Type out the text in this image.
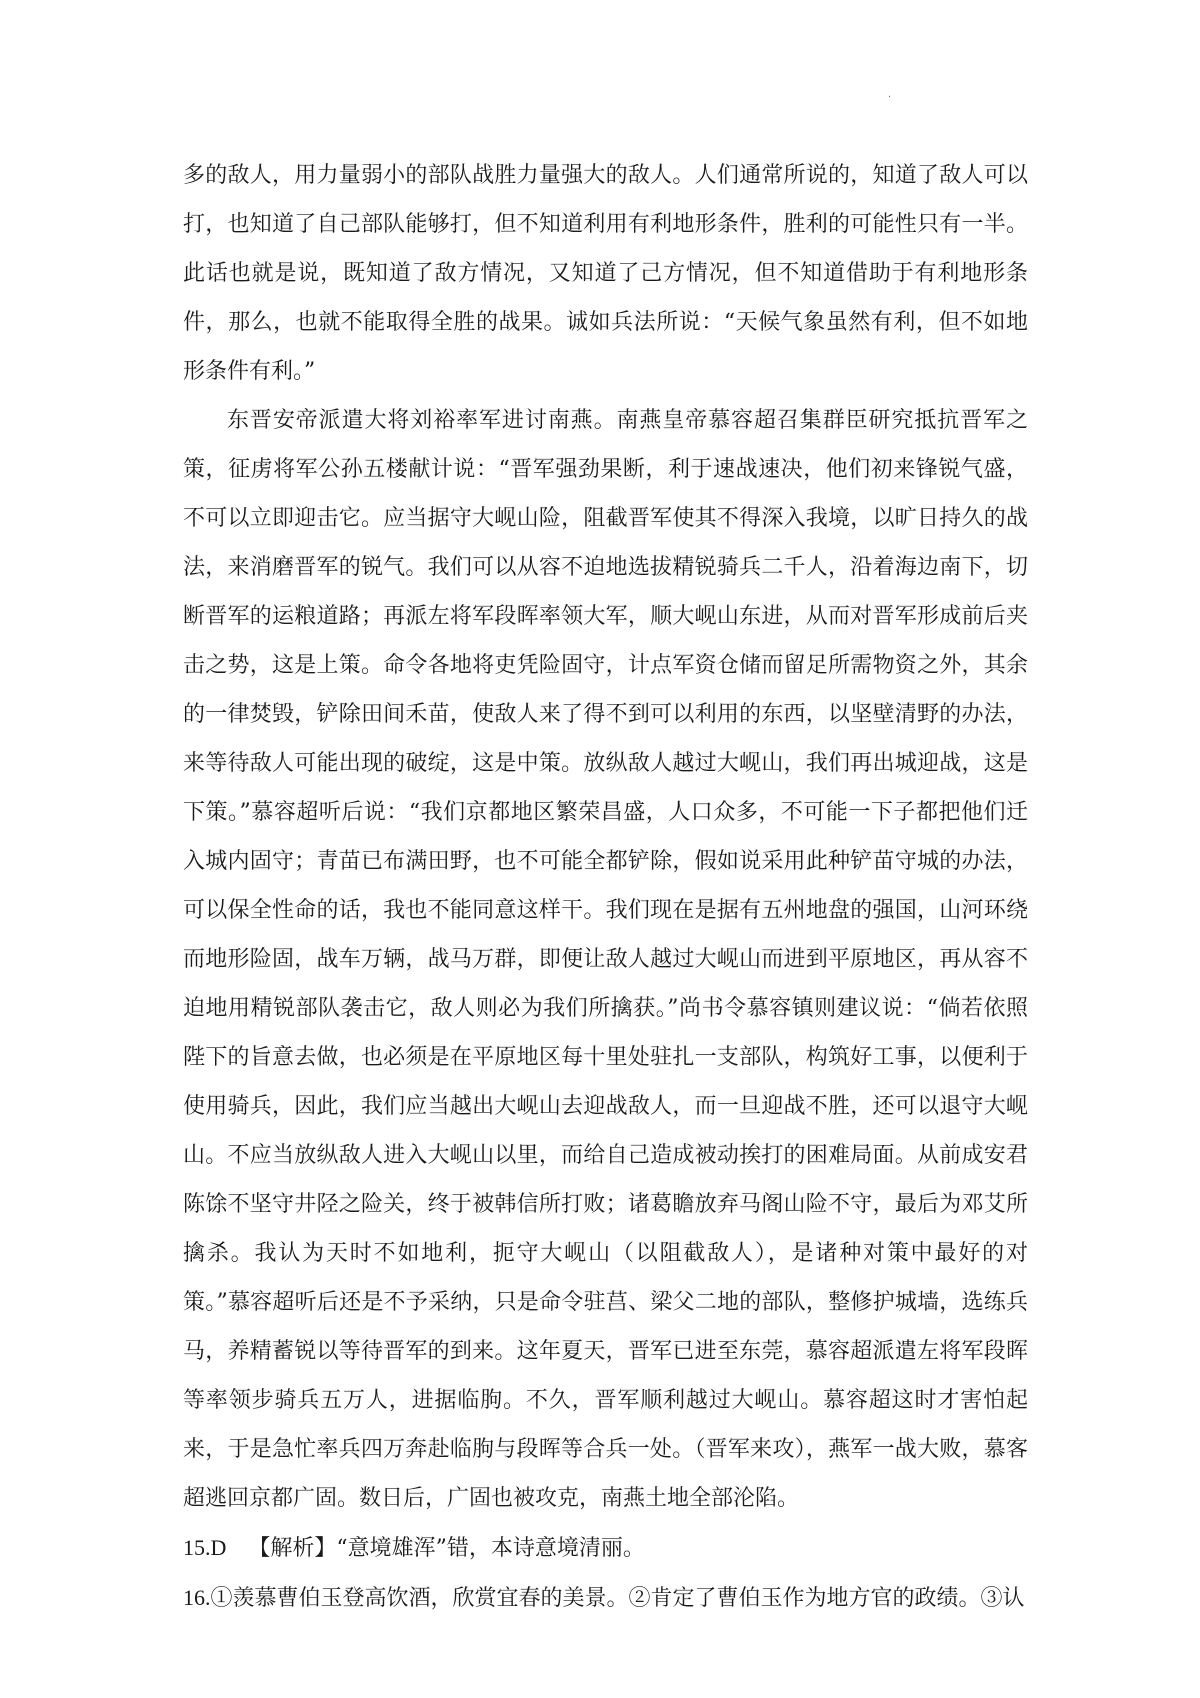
·

多的敌人，用力量弱小的部队战胜力量强大的敌人。人们通常所说的，知道了敌人可以打，也知道了自己部队能够打，但不知道利用有利地形条件，胜利的可能性只有一半。此话也就是说，既知道了敌方情况，又知道了己方情况，但不知道借助于有利地形条件，那么，也就不能取得全胜的战果。诚如兵法所说：“天候气象虽然有利，但不如地形条件有利。”

东晋安帝派遣大将刘裕率军进讨南燕。南燕皇帝慕容超召集群臣研究抵抗晋军之策，征虏将军公孙五楼献计说：“晋军强劲果断，利于速战速决，他们初来锋锐气盛，不可以立即迎击它。应当据守大岘山险，阻截晋军使其不得深入我境，以旷日持久的战法，来消磨晋军的锐气。我们可以从容不迫地选拔精锐骑兵二千人，沿着海边南下，切断晋军的运粮道路；再派左将军段晖率领大军，顺大岘山东进，从而对晋军形成前后夹击之势，这是上策。命令各地将吏凭险固守，计点军资仓储而留足所需物资之外，其余的一律焚毁，铲除田间禾苗，使敌人来了得不到可以利用的东西，以坚壁清野的办法，来等待敌人可能出现的破绽，这是中策。放纵敌人越过大岘山，我们再出城迎战，这是下策。”慕容超听后说：“我们京都地区繁荣昌盛，人口众多，不可能一下子都把他们迁入城内固守；青苗已布满田野，也不可能全都铲除，假如说采用此种铲苗守城的办法，可以保全性命的话，我也不能同意这样干。我们现在是据有五州地盘的强国，山河环绕而地形险固，战车万辆，战马万群，即便让敌人越过大岘山而进到平原地区，再从容不迫地用精锐部队袭击它，敌人则必为我们所擒获。”尚书令慕容镇则建议说：“倘若依照陛下的旨意去做，也必须是在平原地区每十里处驻扎一支部队，构筑好工事，以便利于使用骑兵，因此，我们应当越出大岘山去迎战敌人，而一旦迎战不胜，还可以退守大岘山。不应当放纵敌人进入大岘山以里，而给自己造成被动挨打的困难局面。从前成安君陈馀不坚守井陉之险关，终于被韩信所打败；诸葛瞻放弃马阁山险不守，最后为邓艾所擒杀。我认为天时不如地利，扼守大岘山（以阻截敌人），是诸种对策中最好的对策。”慕容超听后还是不予采纳，只是命令驻莒、梁父二地的部队，整修护城墙，选练兵马，养精蓄锐以等待晋军的到来。这年夏天，晋军已进至东莞，慕容超派遣左将军段晖等率领步骑兵五万人，进据临朐。不久，晋军顺利越过大岘山。慕容超这时才害怕起来，于是急忙率兵四万奔赴临朐与段晖等合兵一处。（晋军来攻），燕军一战大败，慕客超逃回京都广固。数日后，广固也被攻克，南燕土地全部沦陷。

15.D  【解析】“意境雄浑”错，本诗意境清丽。

16.①羡慕曹伯玉登高饮酒，欣赏宜春的美景。②肯定了曹伯玉作为地方官的政绩。③认
